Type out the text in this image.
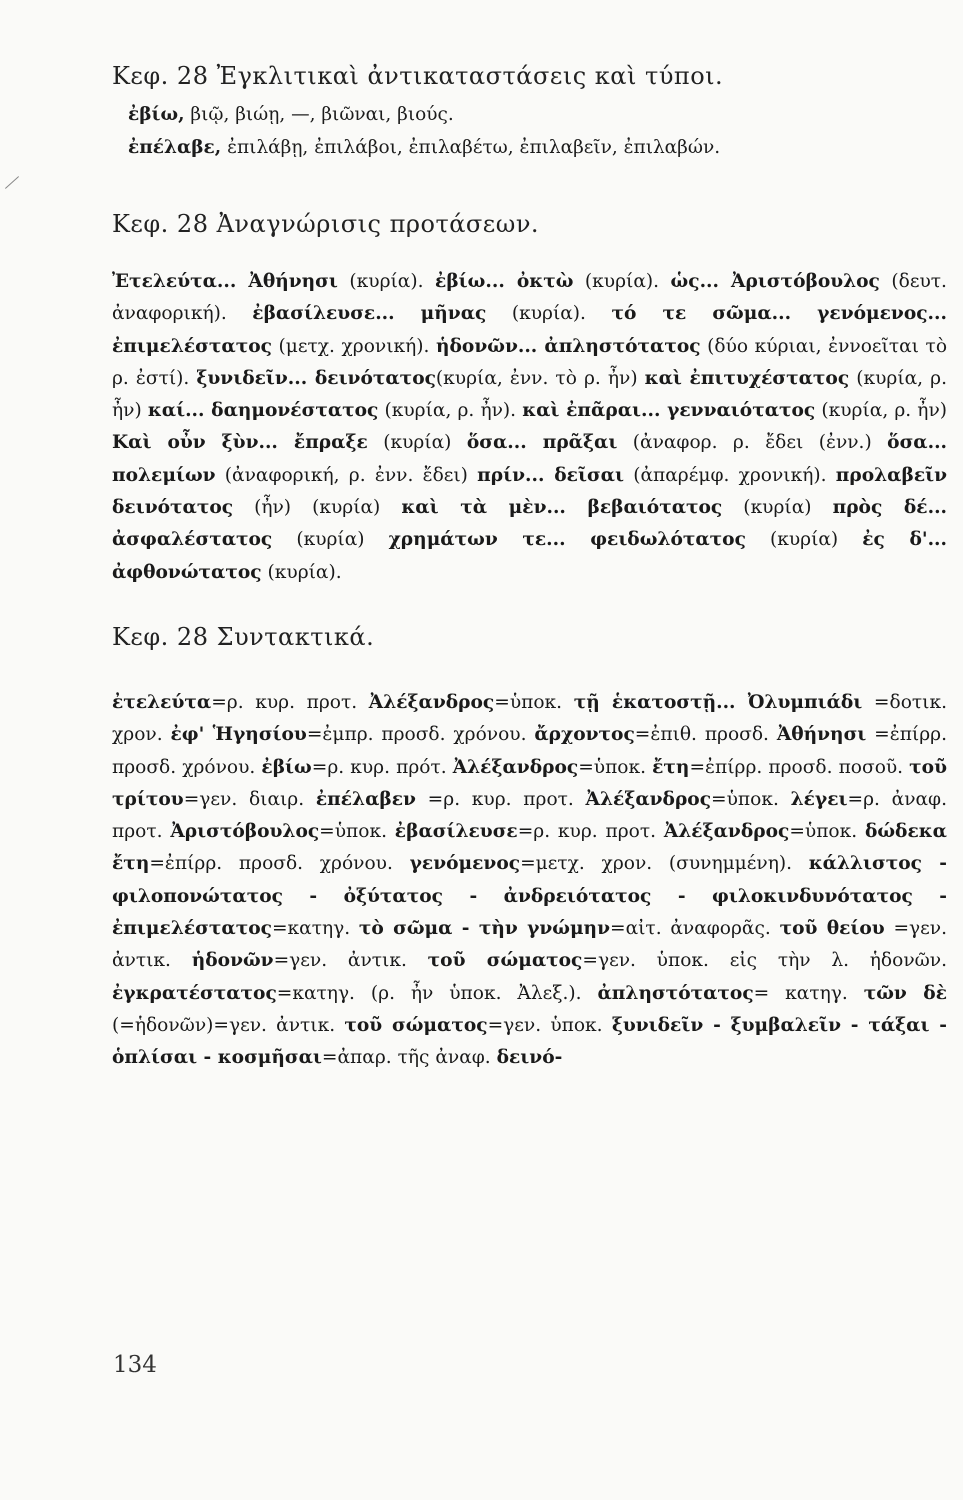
Κεφ. 28 Ἐγκλιτικαὶ ἀντικαταστάσεις καὶ τύποι.
ἐβίω, βιῷ, βιώῃ, —, βιῶναι, βιούς.
ἐπέλαβε, ἐπιλάβῃ, ἐπιλάβοι, ἐπιλαβέτω, ἐπιλαβεῖν, ἐπιλαβών.
Κεφ. 28 Ἀναγνώρισις προτάσεων.

Ἐτελεύτα... Ἀθήνησι (κυρία). ἐβίω... ὀκτὼ (κυρία). ὡς... Ἀριστόβουλος (δευτ. ἀναφορική). ἐβασίλευσε... μῆνας (κυρία). τό τε σῶμα... γενόμενος... ἐπιμελέστατος (μετχ. χρονική). ἡδονῶν... ἀπληστότατος (δύο κύριαι, ἐννοεῖται τὸ ρ. ἐστί). ξυνιδεῖν... δεινότατος(κυρία, ἐνν. τὸ ρ. ἦν) καὶ ἐπιτυχέστατος (κυρία, ρ. ἦν) καί... δαημονέστατος (κυρία, ρ. ἦν). καὶ ἐπᾶραι... γενναιότατος (κυρία, ρ. ἦν) Καὶ οὖν ξὺν... ἔπραξε (κυρία) ὅσα... πρᾶξαι (ἀναφορ. ρ. ἔδει (ἐνν.) ὅσα... πολεμίων (ἀναφορική, ρ. ἐνν. ἔδει) πρίν... δεῖσαι (ἀπαρέμφ. χρονική). προλαβεῖν δεινότατος (ἦν) (κυρία) καὶ τὰ μὲν... βεβαιότατος (κυρία) πρὸς δέ... ἀσφαλέστατος (κυρία) χρημάτων τε... φειδωλότατος (κυρία) ἐς δ'... ἀφθονώτατος (κυρία).

Κεφ. 28 Συντακτικά.

ἐτελεύτα=ρ. κυρ. προτ. Ἀλέξανδρος=ὑποκ. τῇ ἑκατοστῇ... Ὀλυμπιάδι =δοτικ. χρον. ἐφ' Ἡγησίου=ἐμπρ. προσδ. χρόνου. ἄρχοντος=ἐπιθ. προσδ. Ἀθήνησι =ἐπίρρ. προσδ. χρόνου. ἐβίω=ρ. κυρ. πρότ. Ἀλέξανδρος=ὑποκ. ἔτη=ἐπίρρ. προσδ. ποσοῦ. τοῦ τρίτου=γεν. διαιρ. ἐπέλαβεν =ρ. κυρ. προτ. Ἀλέξανδρος=ὑποκ. λέγει=ρ. ἀναφ. προτ. Ἀριστόβουλος=ὑποκ. ἐβασίλευσε=ρ. κυρ. προτ. Ἀλέξανδρος=ὑποκ. δώδεκα ἔτη=ἐπίρρ. προσδ. χρόνου. γενόμενος=μετχ. χρον. (συνημμένη). κάλλιστος - φιλοπονώτατος - ὀξύτατος - ἀνδρειότατος - φιλοκινδυνότατος - ἐπιμελέστατος=κατηγ. τὸ σῶμα - τὴν γνώμην=αἰτ. ἀναφορᾶς. τοῦ θείου =γεν. ἀντικ. ἡδονῶν=γεν. ἀντικ. τοῦ σώματος=γεν. ὑποκ. εἰς τὴν λ. ἡδονῶν. ἐγκρατέστατος=κατηγ. (ρ. ἦν ὑποκ. Ἀλεξ.). ἀπληστότατος= κατηγ. τῶν δὲ (=ἡδονῶν)=γεν. ἀντικ. τοῦ σώματος=γεν. ὑποκ. ξυνιδεῖν - ξυμβαλεῖν - τάξαι - ὁπλίσαι - κοσμῆσαι=ἀπαρ. τῆς ἀναφ. δεινό-

134
